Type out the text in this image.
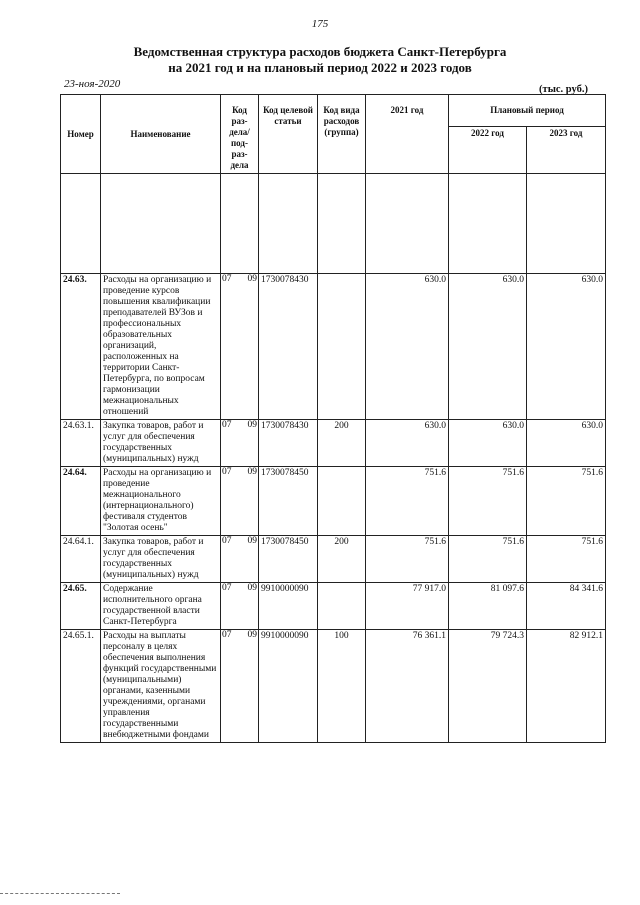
175
Ведомственная структура расходов бюджета Санкт-Петербурга
на 2021 год и на плановый период 2022 и 2023 годов
23-ноя-2020	(тыс. руб.)
Номер	Наименование	Код раз-дела/ под-раз-дела	Код целевой статьи	Код вида расходов (группа)	2021 год	Плановый период	
						2022 год	2023 год

24.63.	Расходы на организацию и проведение курсов повышения квалификации преподавателей ВУЗов и профессиональных образовательных организаций, расположенных на территории Санкт-Петербурга, по вопросам гармонизации межнациональных отношений	07 09	1730078430		630.0	630.0	630.0
24.63.1.	Закупка товаров, работ и услуг для обеспечения государственных (муниципальных) нужд	07 09	1730078430	200	630.0	630.0	630.0
24.64.	Расходы на организацию и проведение межнационального (интернационального) фестиваля студентов "Золотая осень"	07 09	1730078450		751.6	751.6	751.6
24.64.1.	Закупка товаров, работ и услуг для обеспечения государственных (муниципальных) нужд	07 09	1730078450	200	751.6	751.6	751.6
24.65.	Содержание исполнительного органа государственной власти Санкт-Петербурга	07 09	9910000090		77 917.0	81 097.6	84 341.6
24.65.1.	Расходы на выплаты персоналу в целях обеспечения выполнения функций государственными (муниципальными) органами, казенными учреждениями, органами управления государственными внебюджетными фондами	07 09	9910000090	100	76 361.1	79 724.3	82 912.1
